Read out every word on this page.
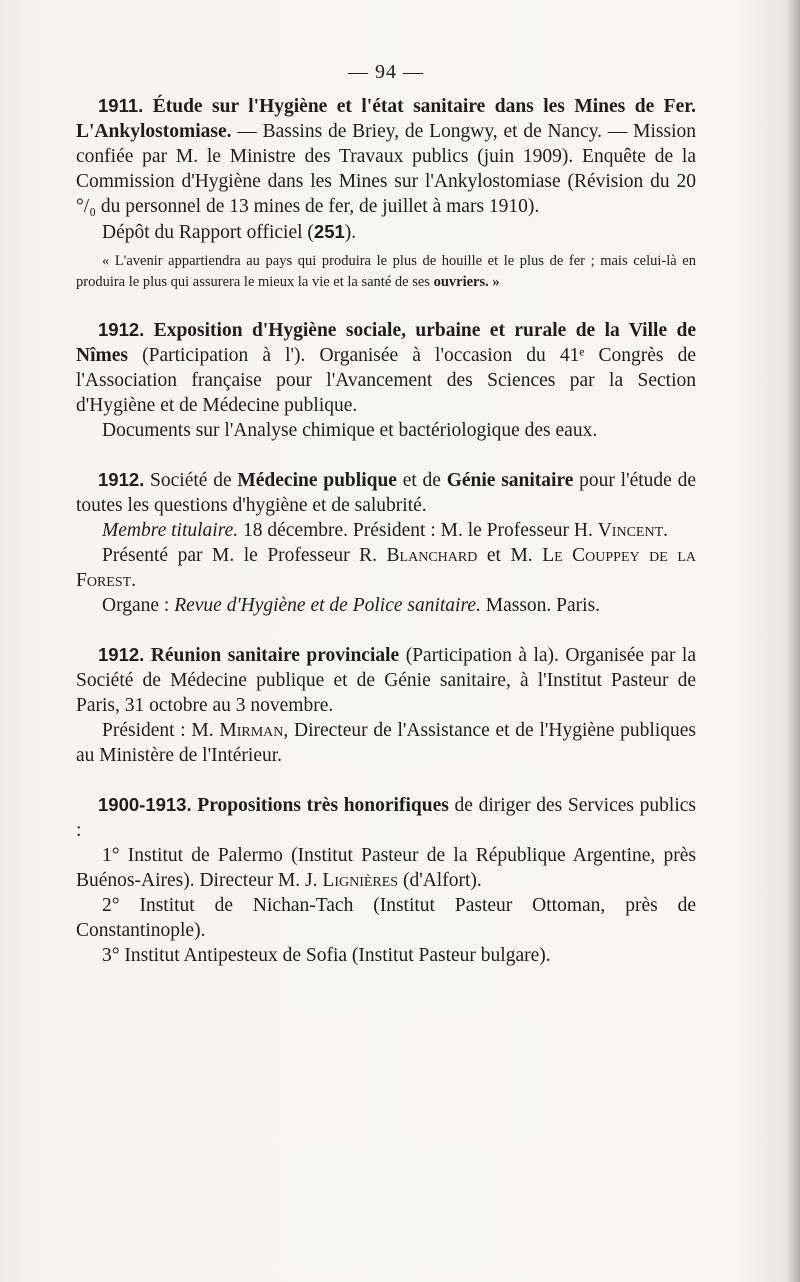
— 94 —

1911. Étude sur l'Hygiène et l'état sanitaire dans les Mines de Fer. L'Ankylostomiase. — Bassins de Briey, de Longwy, et de Nancy. — Mission confiée par M. le Ministre des Travaux publics (juin 1909). Enquête de la Commission d'Hygiène dans les Mines sur l'Ankylostomiase (Révision du 20 °/₀ du personnel de 13 mines de fer, de juillet à mars 1910).

Dépôt du Rapport officiel (251).

« L'avenir appartiendra au pays qui produira le plus de houille et le plus de fer ; mais celui-là en produira le plus qui assurera le mieux la vie et la santé de ses ouvriers. »

1912. Exposition d'Hygiène sociale, urbaine et rurale de la Ville de Nîmes (Participation à l'). Organisée à l'occasion du 41ᵉ Congrès de l'Association française pour l'Avancement des Sciences par la Section d'Hygiène et de Médecine publique.

Documents sur l'Analyse chimique et bactériologique des eaux.

1912. Société de Médecine publique et de Génie sanitaire pour l'étude de toutes les questions d'hygiène et de salubrité.

Membre titulaire. 18 décembre. Président : M. le Professeur H. Vincent.

Présenté par M. le Professeur R. Blanchard et M. Le Couppey de la Forest.

Organe : Revue d'Hygiène et de Police sanitaire. Masson. Paris.

1912. Réunion sanitaire provinciale (Participation à la). Organisée par la Société de Médecine publique et de Génie sanitaire, à l'Institut Pasteur de Paris, 31 octobre au 3 novembre.

Président : M. Mirman, Directeur de l'Assistance et de l'Hygiène publiques au Ministère de l'Intérieur.

1900-1913. Propositions très honorifiques de diriger des Services publics :

1° Institut de Palermo (Institut Pasteur de la République Argentine, près Buénos-Aires). Directeur M. J. Lignières (d'Alfort).

2° Institut de Nichan-Tach (Institut Pasteur Ottoman, près de Constantinople).

3° Institut Antipesteux de Sofia (Institut Pasteur bulgare).
